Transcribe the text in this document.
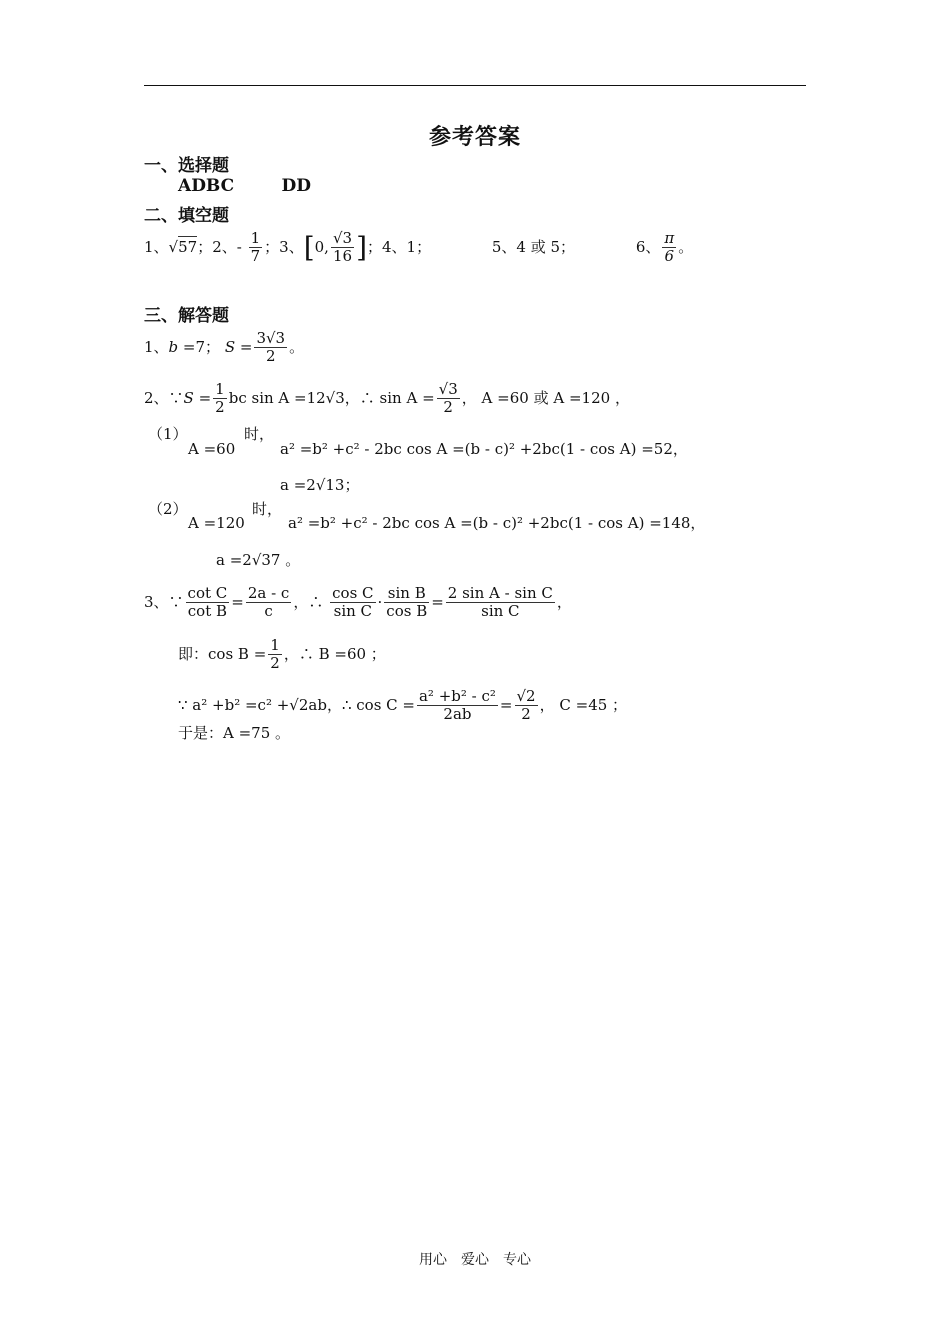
参考答案
一、选择题
ADBC        DD
二、填空题
1、√57；2、- $\frac{1}{7}$ ；3、[0, $\frac{√3}{16}$ ]；4、1；	5、4 或 5；	6、 $\frac{\pi}{6}$ 。
三、解答题
1、b =7； $S = \frac{3√3}{2}$ 。
2、∵S = $\frac{1}{2}$ bc sin A =12√3，∴ $\sin A = \frac{√3}{2}$ ， A =60 或 A =120 ，
（1）
A =60
时，
a² =b² +c² - 2bc cos A =(b - c)² +2bc(1 - cos A) =52，
a =2√13；
（2）
A =120
时，
a² =b² +c² - 2bc cos A =(b - c)² +2bc(1 - cos A) =148，
a =2√37 。
3、∵ $\frac{\text{cot C}}{\text{cot B}} = \frac{2a - c}{c}$ ，∴ $\frac{\text{cos C}}{\text{sin C}} \cdot \frac{\text{sin B}}{\text{cos B}} = \frac{\text{2 sin A - sin C}}{\text{sin C}}$ ，
即：$\cos B = \frac{1}{2}$ ，∴ B =60 ；
∵ a² +b² =c² +√2ab，∴ $\cos C = \frac{\text{a² +b² - c²}}{2ab} = \frac{√2}{2}$ ， C =45 ；
于是：A =75 。
用心　爱心　专心
